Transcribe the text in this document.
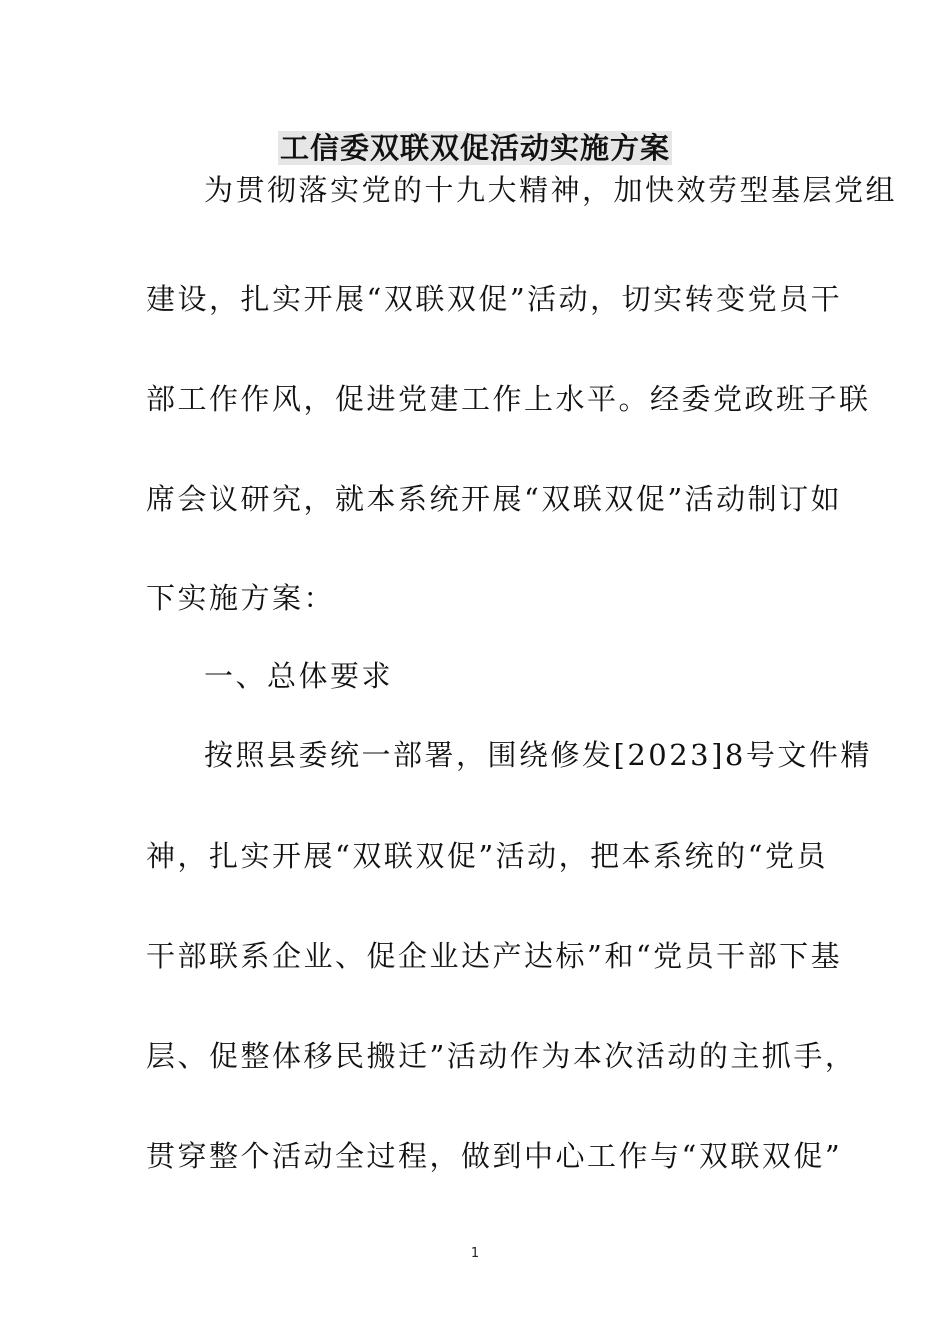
工信委双联双促活动实施方案
为贯彻落实党的十九大精神，加快效劳型基层党组
建设，扎实开展“双联双促”活动，切实转变党员干
部工作作风，促进党建工作上水平。经委党政班子联
席会议研究，就本系统开展“双联双促”活动制订如
下实施方案：
一、总体要求
按照县委统一部署，围绕修发[2023]8号文件精
神，扎实开展“双联双促”活动，把本系统的“党员
干部联系企业、促企业达产达标”和“党员干部下基
层、促整体移民搬迁”活动作为本次活动的主抓手，
贯穿整个活动全过程，做到中心工作与“双联双促”
1
